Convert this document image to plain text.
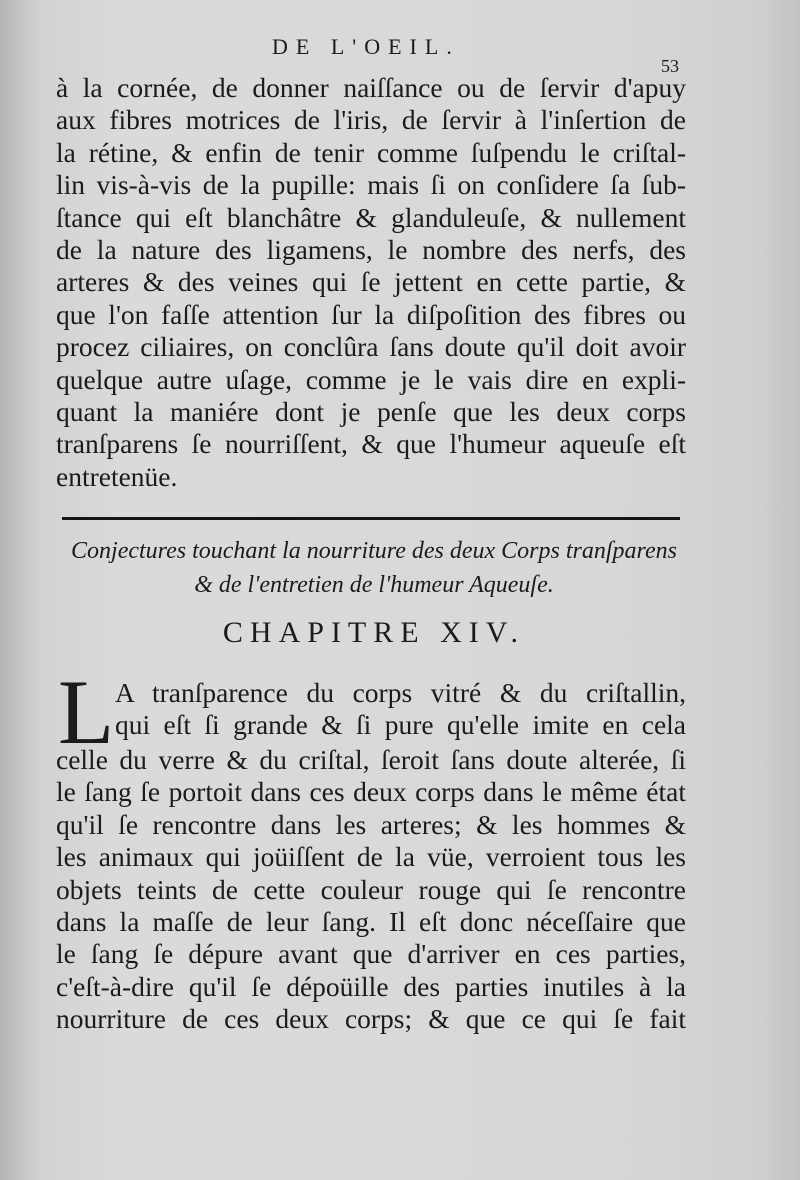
DE L'OEIL.
53
à la cornée, de donner naiſſance ou de ſervir d'apuy
aux fibres motrices de l'iris, de ſervir à l'inſertion de
la rétine, & enfin de tenir comme ſuſpendu le criſtal-
lin vis-à-vis de la pupille: mais ſi on conſidere ſa ſub-
ſtance qui eſt blanchâtre & glanduleuſe, & nullement
de la nature des ligamens, le nombre des nerfs, des
arteres & des veines qui ſe jettent en cette partie, &
que l'on faſſe attention ſur la diſpoſition des fibres ou
procez ciliaires, on conclûra ſans doute qu'il doit avoir
quelque autre uſage, comme je le vais dire en expli-
quant la maniére dont je penſe que les deux corps
tranſparens ſe nourriſſent, & que l'humeur aqueuſe eſt
entretenüe.
Conjectures touchant la nourriture des deux Corps tranſparens
& de l'entretien de l'humeur Aqueuſe.
CHAPITRE XIV.
L A tranſparence du corps vitré & du criſtallin,
qui eſt ſi grande & ſi pure qu'elle imite en cela
celle du verre & du criſtal, ſeroit ſans doute alterée, ſi
le ſang ſe portoit dans ces deux corps dans le même état
qu'il ſe rencontre dans les arteres; & les hommes &
les animaux qui joüiſſent de la vüe, verroient tous les
objets teints de cette couleur rouge qui ſe rencontre
dans la maſſe de leur ſang. Il eſt donc néceſſaire que
le ſang ſe dépure avant que d'arriver en ces parties,
c'eſt-à-dire qu'il ſe dépoüille des parties inutiles à la
nourriture de ces deux corps; & que ce qui ſe fait
